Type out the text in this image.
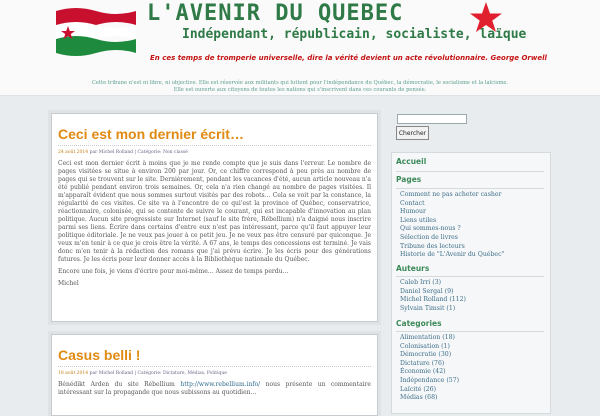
L'AVENIR DU QUEBEC
Indépendant, républicain, socialiste, laïque
En ces temps de tromperie universelle, dire la vérité devient un acte révolutionnaire. George Orwell

Cette tribune n'est ni libre, ni objective. Elle est réservée aux militants qui luttent pour l'indépendance du Québec, la démocratie, le socialisme et la laïcisme.

Elle est ouverte aux citoyens de toutes les nations qui s'inscrivent dans ces courants de pensée.

Ceci est mon dernier écrit…
24 août 2014 par Michel Rolland | Catégorie: Non classé

Ceci est mon dernier écrit à moins que je me rende compte que je suis dans l'erreur. Le nombre de pages visitées se situe à environ 200 par jour. Or, ce chiffre correspond à peu près au nombre de pages qui se trouvent sur le site. Dernièrement, pendant les vacances d'été, aucun article nouveau n'a été publié pendant environ trois semaines. Or, cela n'a rien changé au nombre de pages visitées. Il m'apparaît évident que nous sommes surtout visités par des robots… Cela se voit par la constance, la régularité de ces visites. Ce site va à l'encontre de ce qui'est la province of Québec, conservatrice, réactionnaire, colonisée, qui se contente de suivre le courant, qui est incapable d'innovation au plan politique. Aucun site progressiste sur Internet (sauf le site frère, Rébellium) n'a daigné nous inscrire parmi ses liens. Écrire dans certains d'entre eux n'est pas intéressant, parce qu'il faut appuyer leur politique éditoriale. Je ne veux pas jouer à ce petit jeu. Je ne veux pas être censuré par quiconque. Je veux m'en tenir à ce que je crois être la vérité. A 67 ans, le temps des concessions est terminé. Je vais donc m'en tenir à la rédaction des romans que j'ai prévu écrire. Je les écris pour des générations futures. Je les écris pour leur donner accès à la Bibliothèque nationale du Québec.

Encore une fois, je viens d'écrire pour moi-même… Assez de temps perdu…

Michel

Casus belli !
18 août 2014 par Michel Rolland | Catégorie: Dictature, Médias, Politique

Bénédikt Arden du site Rébellium http://www.rebellium.info/ nous présente un commentaire intéressant sur la propagande que nous subissons au quotidien…

Chercher
Accueil
Pages
Comment ne pas acheter casher
Contact
Humour
Liens utiles
Qui sommes-nous ?
Sélection de livres
Tribune des lecteurs
Historie de "L'Avenir du Québec"
Auteurs
Caleb Irri (3)
Daniel Sergal (9)
Michel Rolland (112)
Sylvain Timsit (1)
Categories
Alimentation (18)
Colonisation (1)
Démocratie (30)
Dictature (76)
Économie (42)
Indépendance (57)
Laïcité (26)
Médias (68)
